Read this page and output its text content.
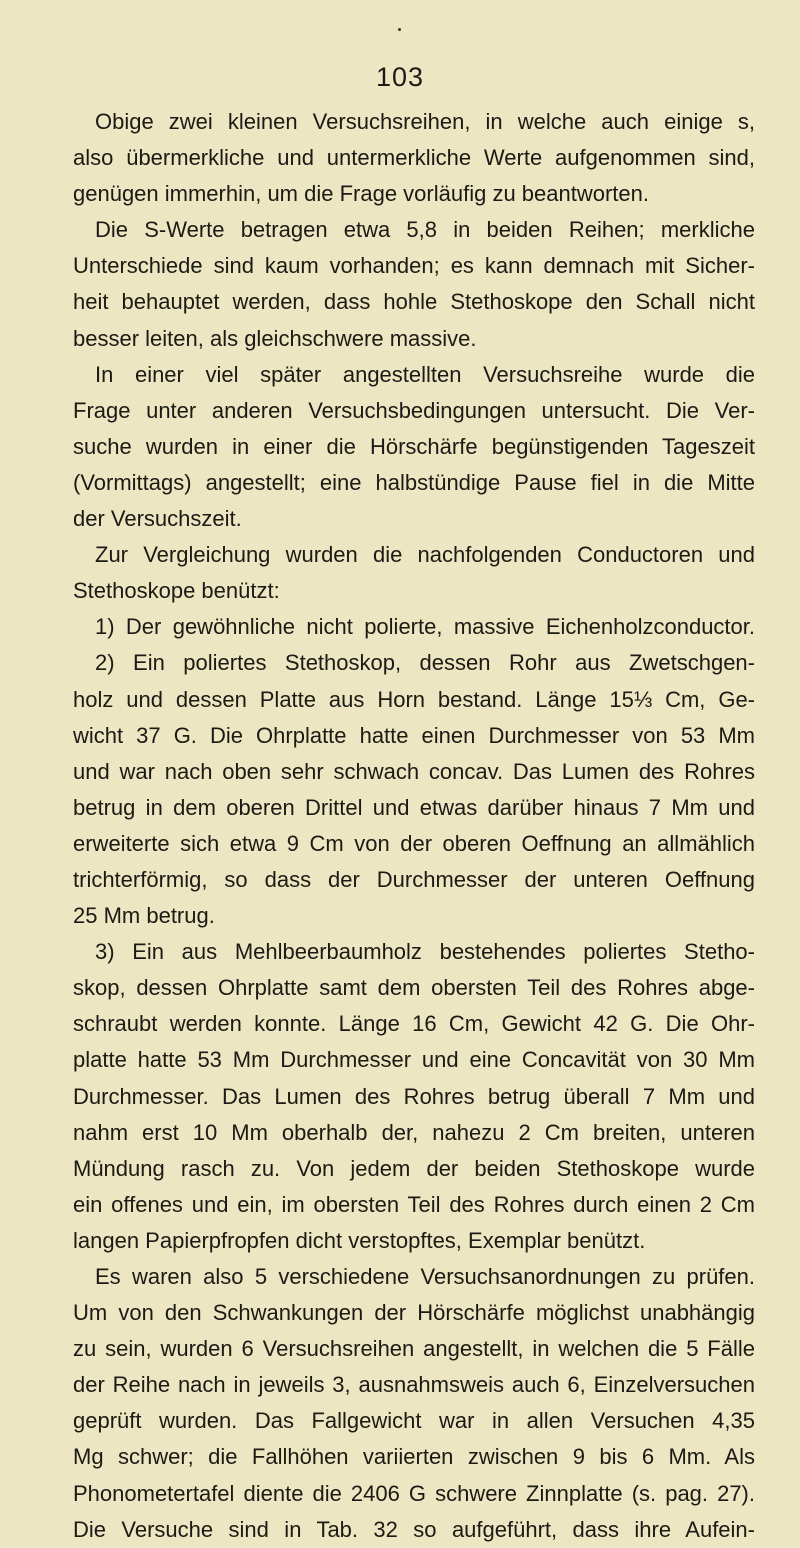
103
Obige zwei kleinen Versuchsreihen, in welche auch einige s,
also übermerkliche und untermerkliche Werte aufgenommen sind,
genügen immerhin, um die Frage vorläufig zu beantworten.
Die S-Werte betragen etwa 5,8 in beiden Reihen; merkliche
Unterschiede sind kaum vorhanden; es kann demnach mit Sicher-
heit behauptet werden, dass hohle Stethoskope den Schall nicht
besser leiten, als gleichschwere massive.
In einer viel später angestellten Versuchsreihe wurde die
Frage unter anderen Versuchsbedingungen untersucht. Die Ver-
suche wurden in einer die Hörschärfe begünstigenden Tageszeit
(Vormittags) angestellt; eine halbstündige Pause fiel in die Mitte
der Versuchszeit.
Zur Vergleichung wurden die nachfolgenden Conductoren und
Stethoskope benützt:
1) Der gewöhnliche nicht polierte, massive Eichenholzconductor.
2) Ein poliertes Stethoskop, dessen Rohr aus Zwetschgen-
holz und dessen Platte aus Horn bestand. Länge 15⅓ Cm, Ge-
wicht 37 G. Die Ohrplatte hatte einen Durchmesser von 53 Mm
und war nach oben sehr schwach concav. Das Lumen des Rohres
betrug in dem oberen Drittel und etwas darüber hinaus 7 Mm und
erweiterte sich etwa 9 Cm von der oberen Oeffnung an allmählich
trichterförmig, so dass der Durchmesser der unteren Oeffnung
25 Mm betrug.
3) Ein aus Mehlbeerbaumholz bestehendes poliertes Stetho-
skop, dessen Ohrplatte samt dem obersten Teil des Rohres abge-
schraubt werden konnte. Länge 16 Cm, Gewicht 42 G. Die Ohr-
platte hatte 53 Mm Durchmesser und eine Concavität von 30 Mm
Durchmesser. Das Lumen des Rohres betrug überall 7 Mm und
nahm erst 10 Mm oberhalb der, nahezu 2 Cm breiten, unteren
Mündung rasch zu. Von jedem der beiden Stethoskope wurde
ein offenes und ein, im obersten Teil des Rohres durch einen 2 Cm
langen Papierpfropfen dicht verstopftes, Exemplar benützt.
Es waren also 5 verschiedene Versuchsanordnungen zu prüfen.
Um von den Schwankungen der Hörschärfe möglichst unabhängig
zu sein, wurden 6 Versuchsreihen angestellt, in welchen die 5 Fälle
der Reihe nach in jeweils 3, ausnahmsweis auch 6, Einzelversuchen
geprüft wurden. Das Fallgewicht war in allen Versuchen 4,35
Mg schwer; die Fallhöhen variierten zwischen 9 bis 6 Mm. Als
Phonometertafel diente die 2406 G schwere Zinnplatte (s. pag. 27).
Die Versuche sind in Tab. 32 so aufgeführt, dass ihre Aufein-
